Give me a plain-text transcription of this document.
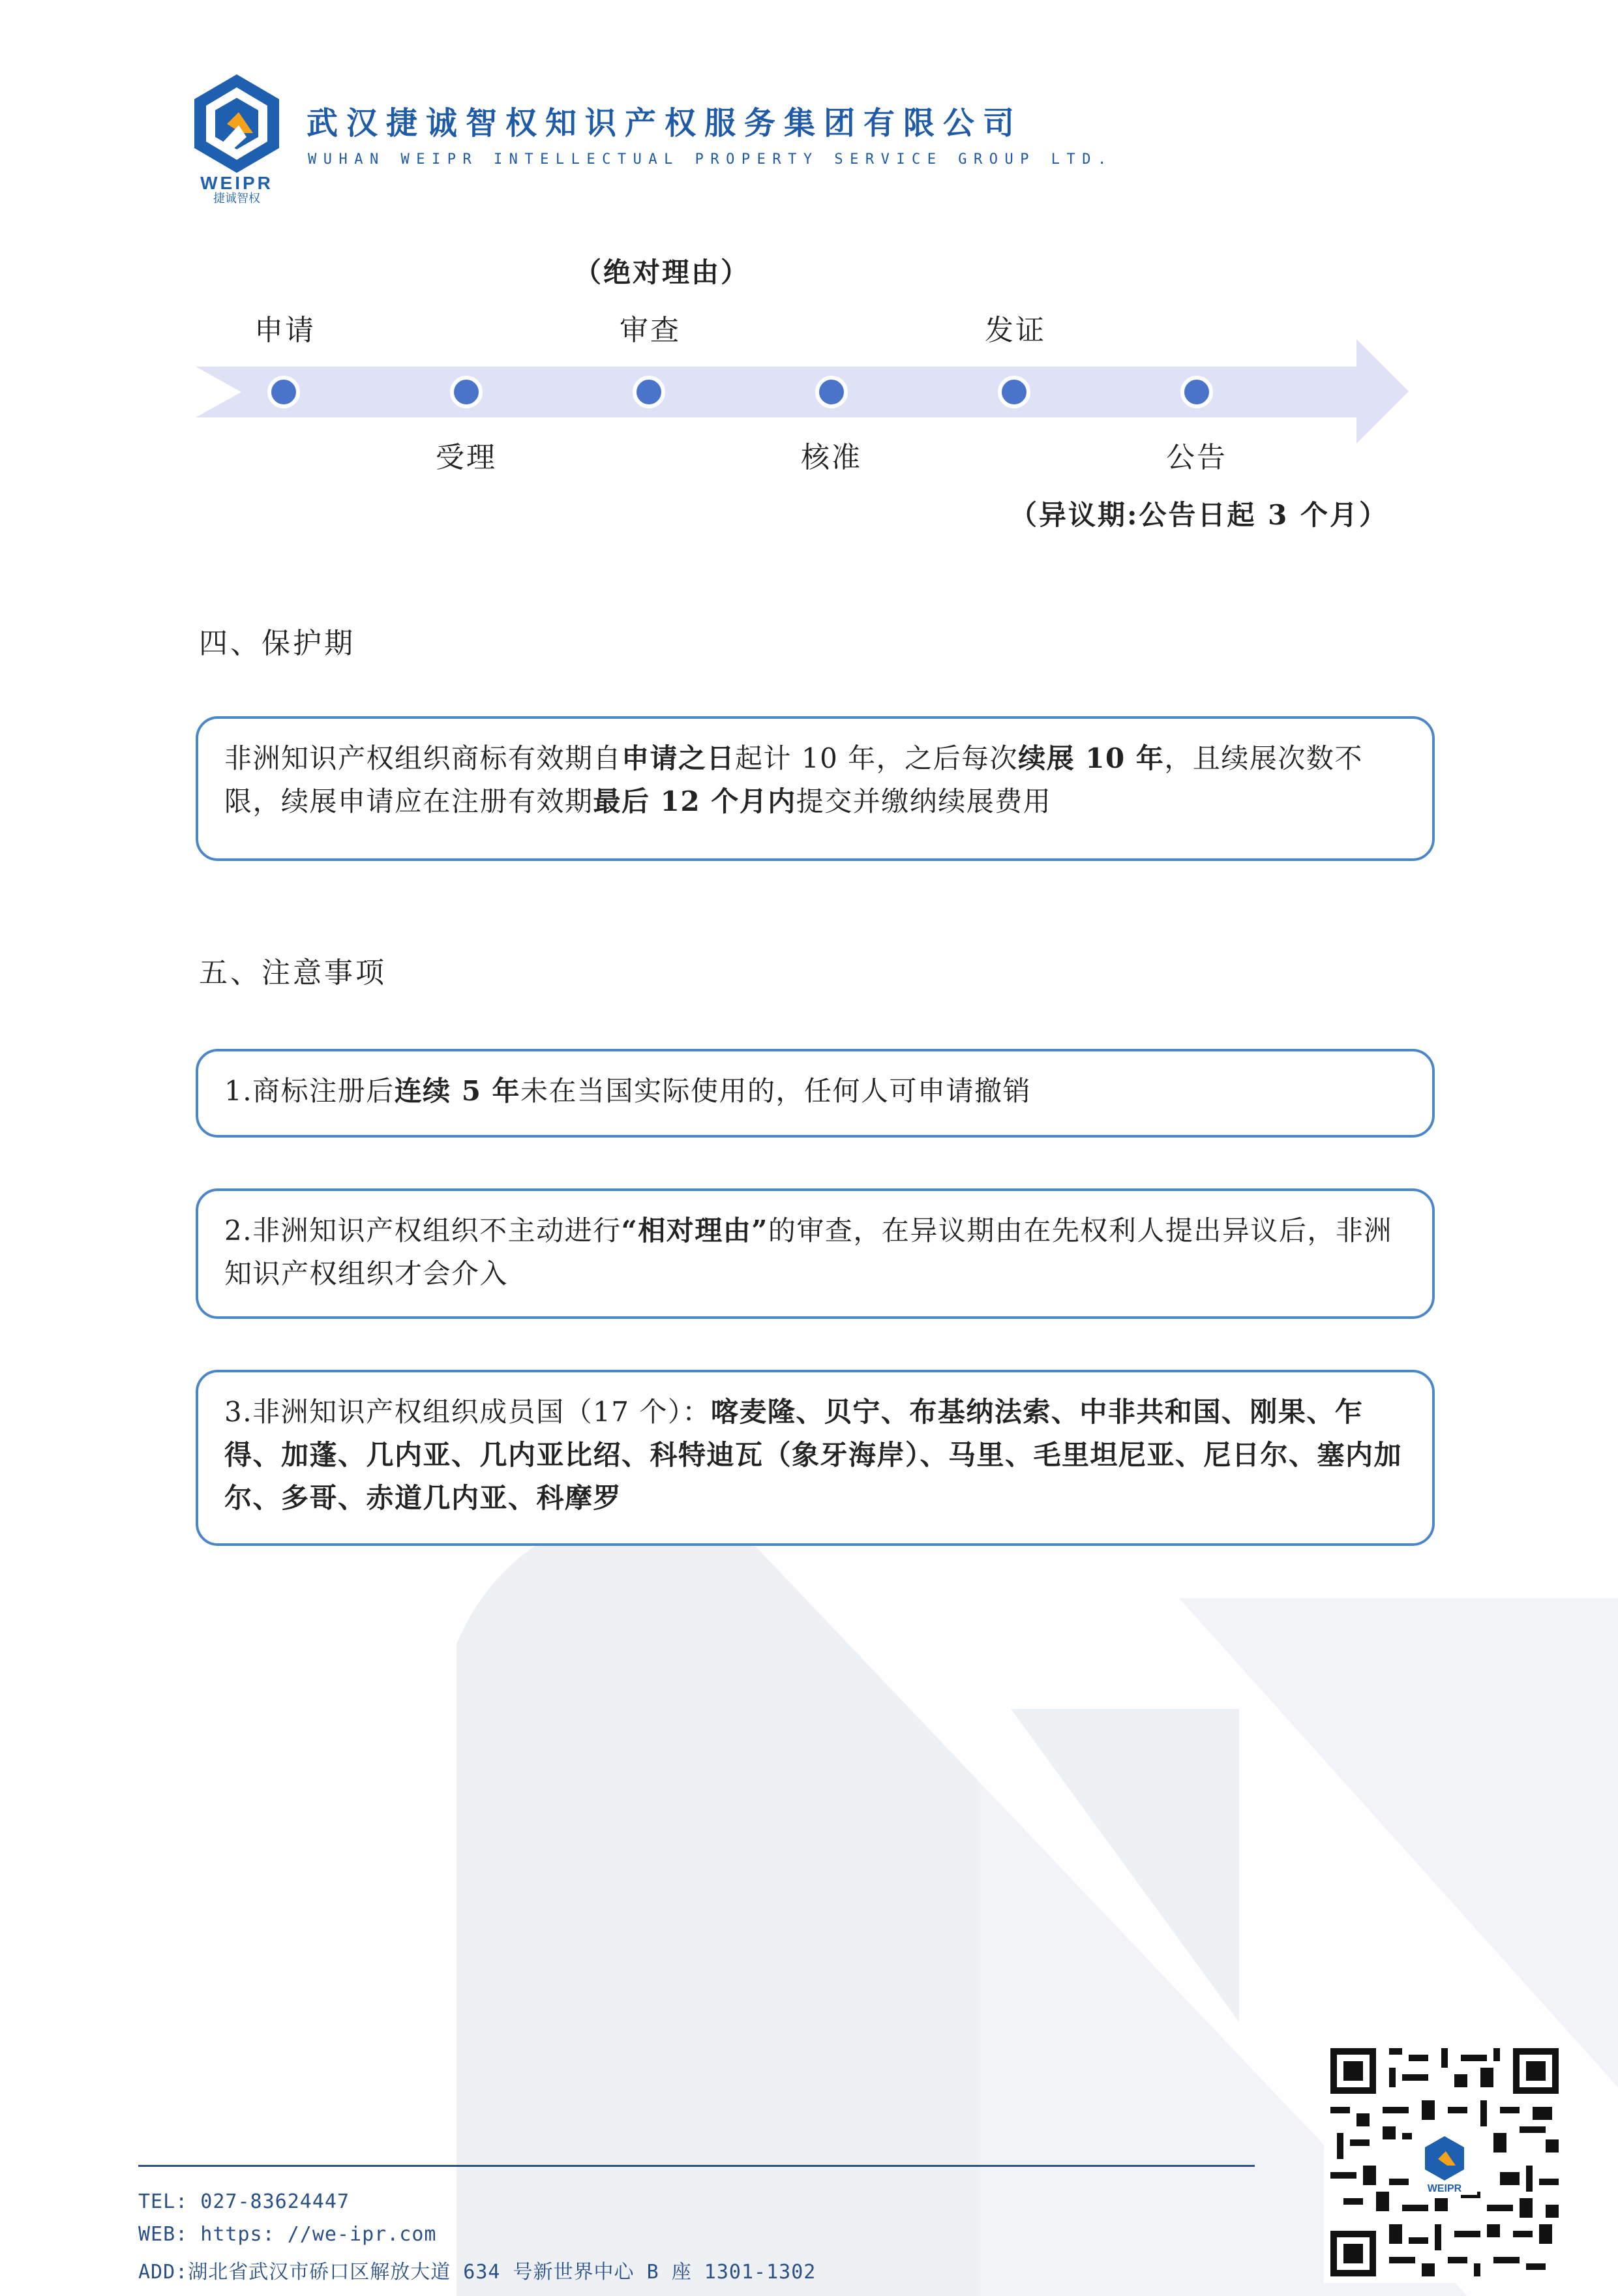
WEIPR
捷诚智权
武汉捷诚智权知识产权服务集团有限公司
WUHAN WEIPR INTELLECTUAL PROPERTY SERVICE GROUP LTD.
（绝对理由）
申请	审查	发证
受理	核准	公告
（异议期:公告日起 3 个月）
四、保护期
非洲知识产权组织商标有效期自申请之日起计 10 年，之后每次续展 10 年，且续展次数不限，续展申请应在注册有效期最后 12 个月内提交并缴纳续展费用
五、注意事项
1.商标注册后连续 5 年未在当国实际使用的，任何人可申请撤销
2.非洲知识产权组织不主动进行“相对理由”的审查，在异议期由在先权利人提出异议后，非洲知识产权组织才会介入
3.非洲知识产权组织成员国（17 个）：喀麦隆、贝宁、布基纳法索、中非共和国、刚果、乍得、加蓬、几内亚、几内亚比绍、科特迪瓦（象牙海岸）、马里、毛里坦尼亚、尼日尔、塞内加尔、多哥、赤道几内亚、科摩罗
WEIPR
TEL: 027-83624447
WEB: https: //we-ipr.com
ADD:湖北省武汉市硚口区解放大道 634 号新世界中心 B 座 1301-1302
